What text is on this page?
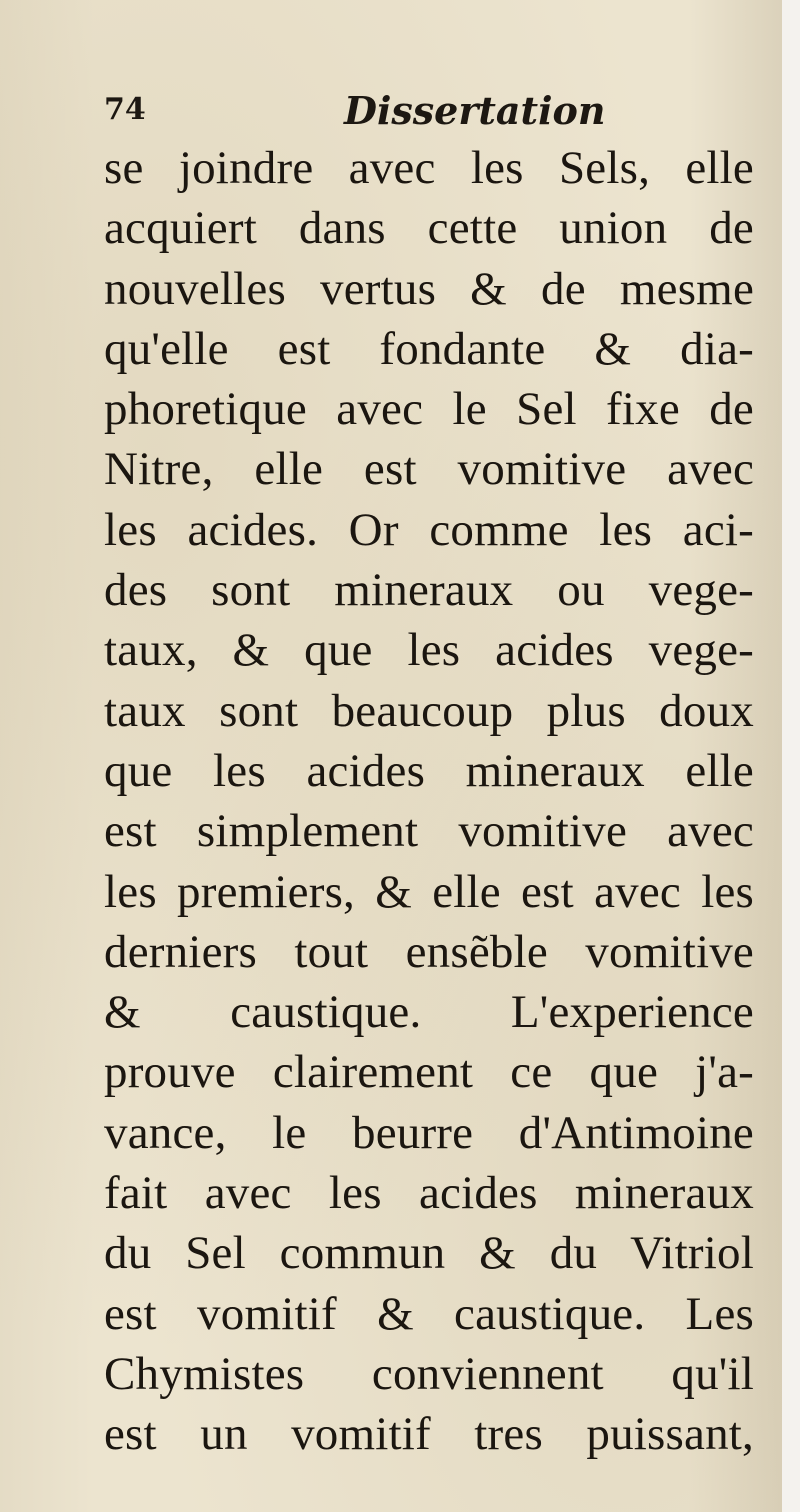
74	Dissertation
se joindre avec les Sels, elle
acquiert dans cette union de
nouvelles vertus & de mesme
qu'elle est fondante & dia-
phoretique avec le Sel fixe de
Nitre, elle est vomitive avec
les acides. Or comme les aci-
des sont mineraux ou vege-
taux, & que les acides vege-
taux sont beaucoup plus doux
que les acides mineraux elle
est simplement vomitive avec
les premiers, & elle est avec les
derniers tout ensẽble vomitive
& caustique. L'experience
prouve clairement ce que j'a-
vance, le beurre d'Antimoine
fait avec les acides mineraux
du Sel commun & du Vitriol
est vomitif & caustique. Les
Chymistes conviennent qu'il
est un vomitif tres puissant,
